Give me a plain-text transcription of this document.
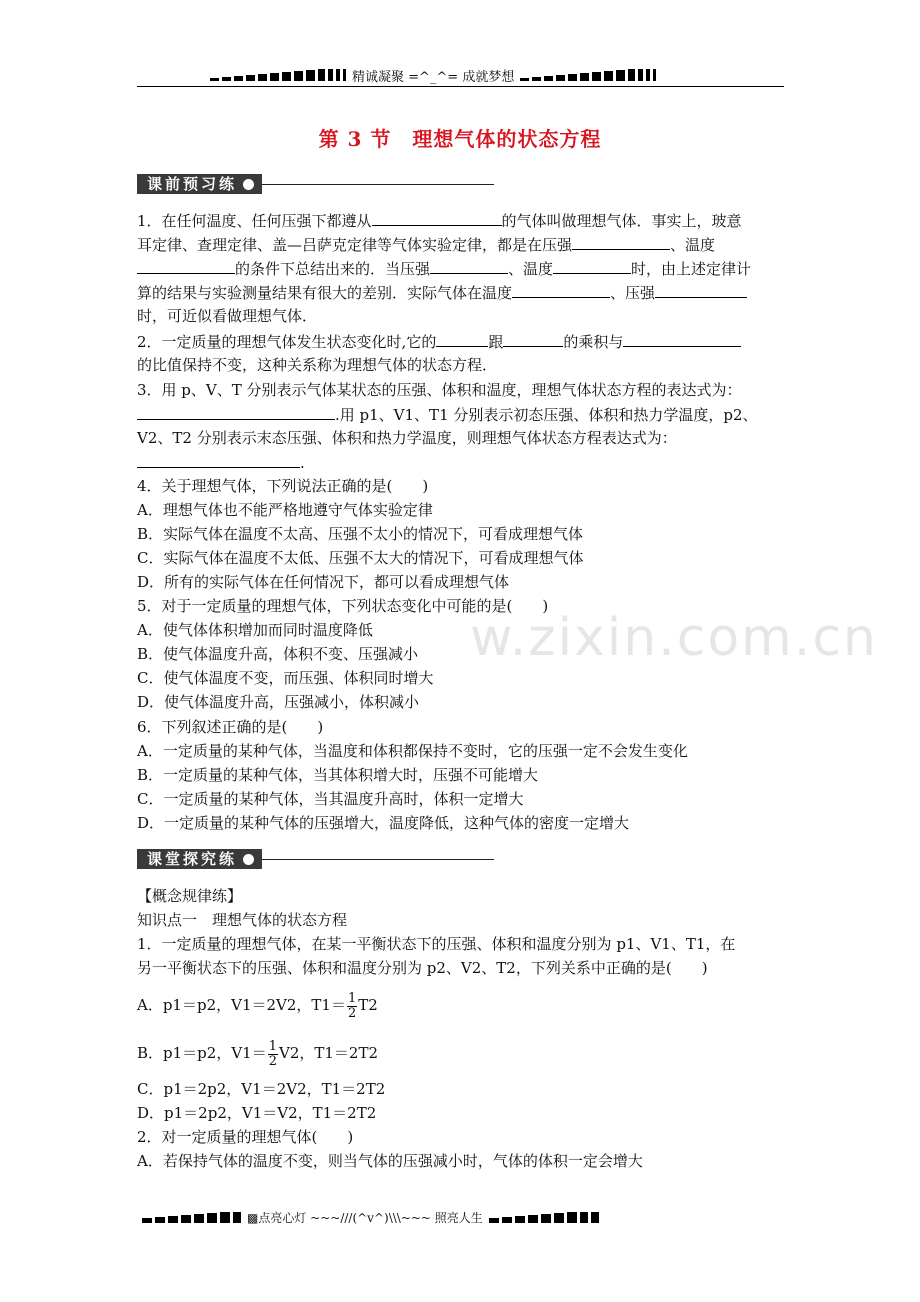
精诚凝聚 =^_^= 成就梦想
第 3 节　理想气体的状态方程
课前预习练
w.zixin.com.cn
1．在任何温度、任何压强下都遵从	的气体叫做理想气体．事实上，玻意
耳定律、查理定律、盖—吕萨克定律等气体实验定律，都是在压强	、温度
的条件下总结出来的．当压强	、温度	时，由上述定律计
算的结果与实验测量结果有很大的差别．实际气体在温度	、压强
时，可近似看做理想气体．
2．一定质量的理想气体发生状态变化时,它的	跟	的乘积与
的比值保持不变，这种关系称为理想气体的状态方程．
3．用 p、V、T 分别表示气体某状态的压强、体积和温度，理想气体状态方程的表达式为：
.用 p1、V1、T1 分别表示初态压强、体积和热力学温度，p2、
V2、T2 分别表示末态压强、体积和热力学温度，则理想气体状态方程表达式为：
.
4．关于理想气体，下列说法正确的是(　　)
A．理想气体也不能严格地遵守气体实验定律
B．实际气体在温度不太高、压强不太小的情况下，可看成理想气体
C．实际气体在温度不太低、压强不太大的情况下，可看成理想气体
D．所有的实际气体在任何情况下，都可以看成理想气体
5．对于一定质量的理想气体，下列状态变化中可能的是(　　)
A．使气体体积增加而同时温度降低
B．使气体温度升高，体积不变、压强减小
C．使气体温度不变，而压强、体积同时增大
D．使气体温度升高，压强减小，体积减小
6．下列叙述正确的是(　　)
A．一定质量的某种气体，当温度和体积都保持不变时，它的压强一定不会发生变化
B．一定质量的某种气体，当其体积增大时，压强不可能增大
C．一定质量的某种气体，当其温度升高时，体积一定增大
D．一定质量的某种气体的压强增大，温度降低，这种气体的密度一定增大
课堂探究练
【概念规律练】
知识点一　理想气体的状态方程
1．一定质量的理想气体，在某一平衡状态下的压强、体积和温度分别为 p1、V1、T1，在
另一平衡状态下的压强、体积和温度分别为 p2、V2、T2，下列关系中正确的是(　　)
A．p1＝p2，V1＝2V2，$T1= \frac{1}{2} T2$
B．p1＝p2，$V1= \frac{1}{2} V2$，T1＝2T2
C．p1＝2p2，V1＝2V2，T1＝2T2
D．p1＝2p2，V1＝V2，T1＝2T2
2．对一定质量的理想气体(　　)
A．若保持气体的温度不变，则当气体的压强减小时，气体的体积一定会增大
▩点亮心灯 ~~~///(^v^)\\\~~~ 照亮人生
